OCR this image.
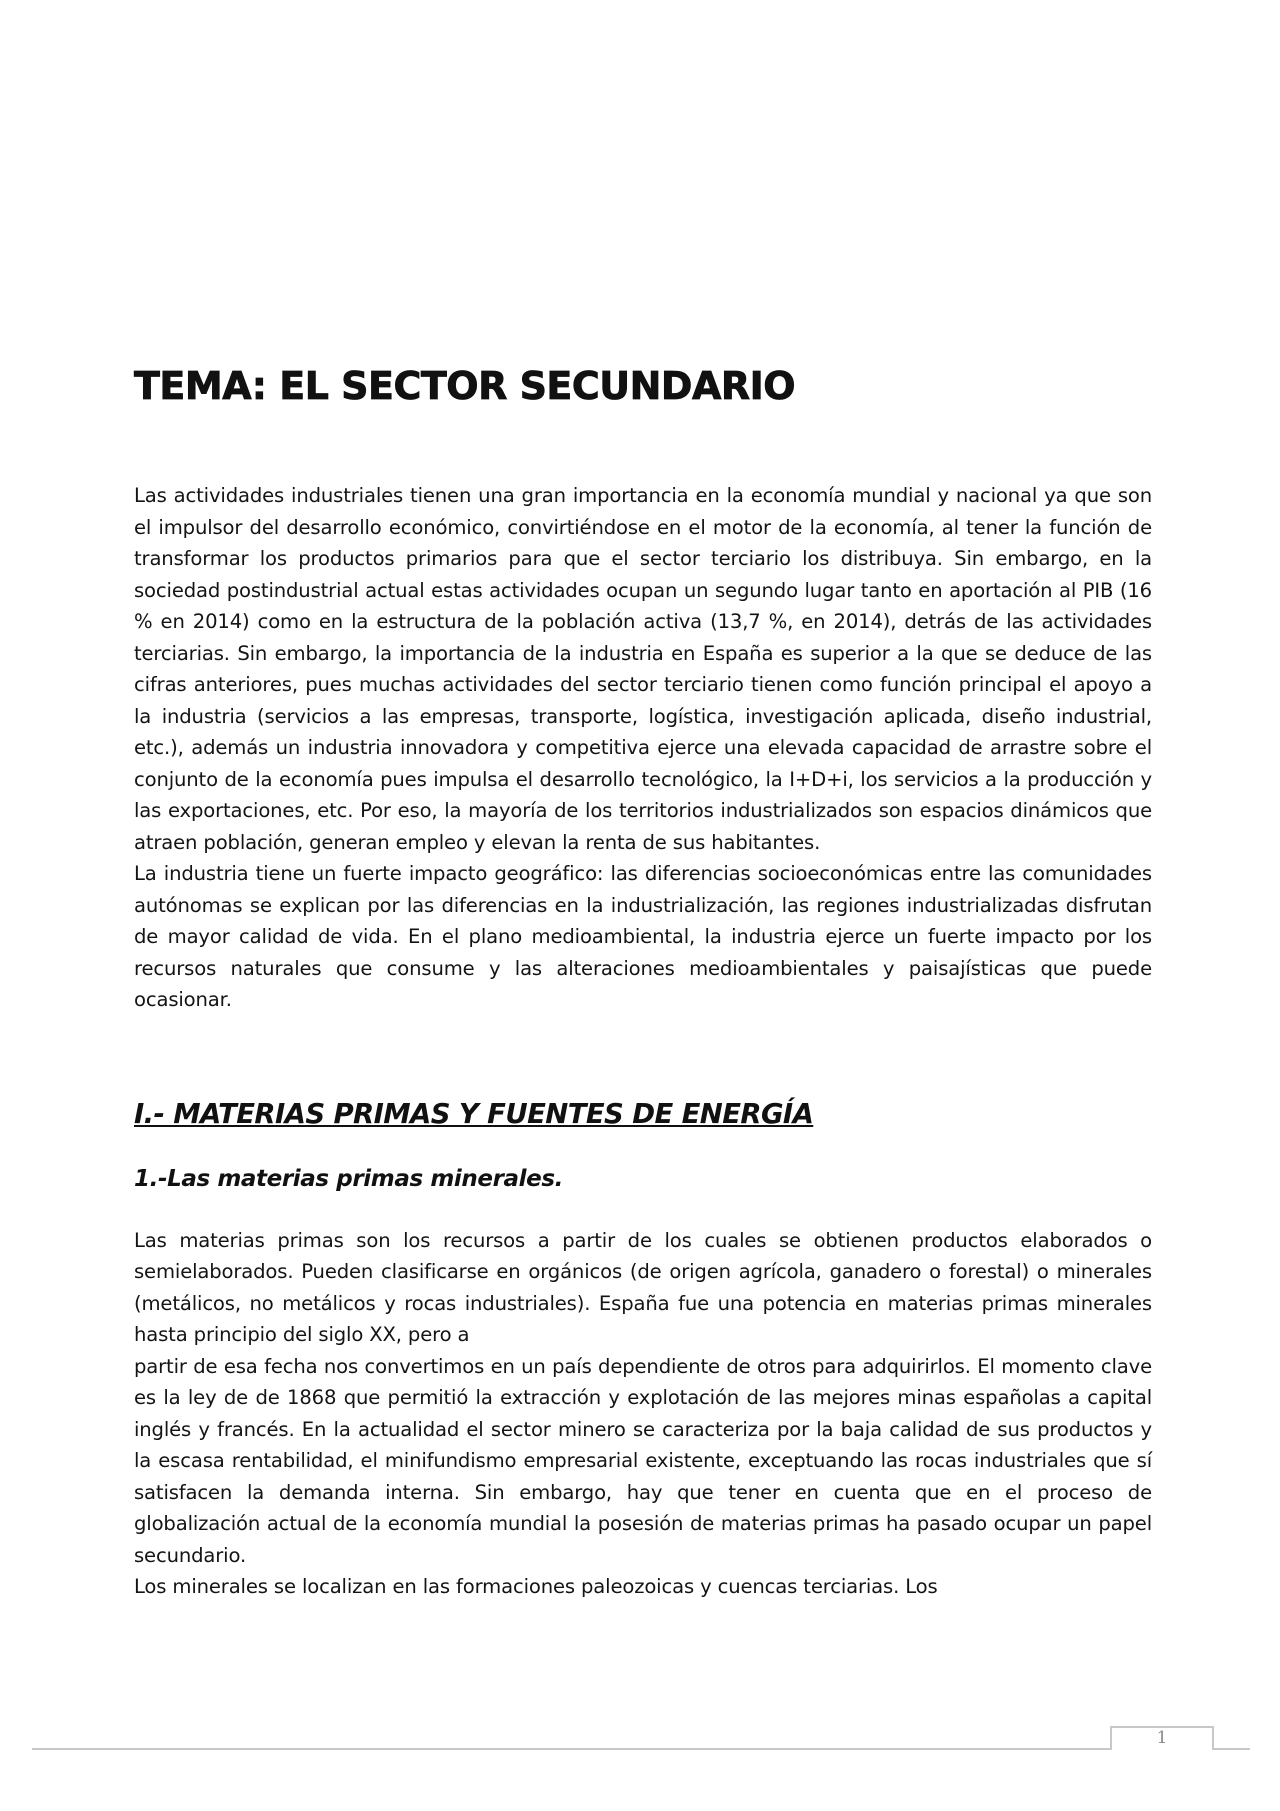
TEMA: EL SECTOR SECUNDARIO

Las actividades industriales tienen una gran importancia en la economía mundial y nacional ya que son el impulsor del desarrollo económico, convirtiéndose en el motor de la economía, al tener la función de transformar los productos primarios para que el sector terciario los distribuya. Sin embargo, en la sociedad postindustrial actual estas actividades ocupan un segundo lugar tanto en aportación al PIB (16 % en 2014) como en la estructura de la población activa (13,7 %, en 2014), detrás de las actividades terciarias. Sin embargo, la importancia de la industria en España es superior a la que se deduce de las cifras anteriores, pues muchas actividades del sector terciario tienen como función principal el apoyo a la industria (servicios a las empresas, transporte, logística, investigación aplicada, diseño industrial, etc.), además un industria innovadora y competitiva ejerce una elevada capacidad de arrastre sobre el conjunto de la economía pues impulsa el desarrollo tecnológico, la I+D+i, los servicios a la producción y las exportaciones, etc. Por eso, la mayoría de los territorios industrializados son espacios dinámicos que atraen población, generan empleo y elevan la renta de sus habitantes.

La industria tiene un fuerte impacto geográfico: las diferencias socioeconómicas entre las comunidades autónomas se explican por las diferencias en la industrialización, las regiones industrializadas disfrutan de mayor calidad de vida. En el plano medioambiental, la industria ejerce un fuerte impacto por los recursos naturales que consume y las alteraciones medioambientales y paisajísticas que puede ocasionar.

I.- MATERIAS PRIMAS Y FUENTES DE ENERGÍA
1.-Las materias primas minerales.

Las materias primas son los recursos a partir de los cuales se obtienen productos elaborados o semielaborados. Pueden clasificarse en orgánicos (de origen agrícola, ganadero o forestal) o minerales (metálicos, no metálicos y rocas industriales). España fue una potencia en materias primas minerales hasta principio del siglo XX, pero a

partir de esa fecha nos convertimos en un país dependiente de otros para adquirirlos. El momento clave es la ley de de 1868 que permitió la extracción y explotación de las mejores minas españolas a capital inglés y francés. En la actualidad el sector minero se caracteriza por la baja calidad de sus productos y la escasa rentabilidad, el minifundismo empresarial existente, exceptuando las rocas industriales que sí satisfacen la demanda interna. Sin embargo, hay que tener en cuenta que en el proceso de globalización actual de la economía mundial la posesión de materias primas ha pasado ocupar un papel secundario.

Los minerales se localizan en las formaciones paleozoicas y cuencas terciarias. Los

1
